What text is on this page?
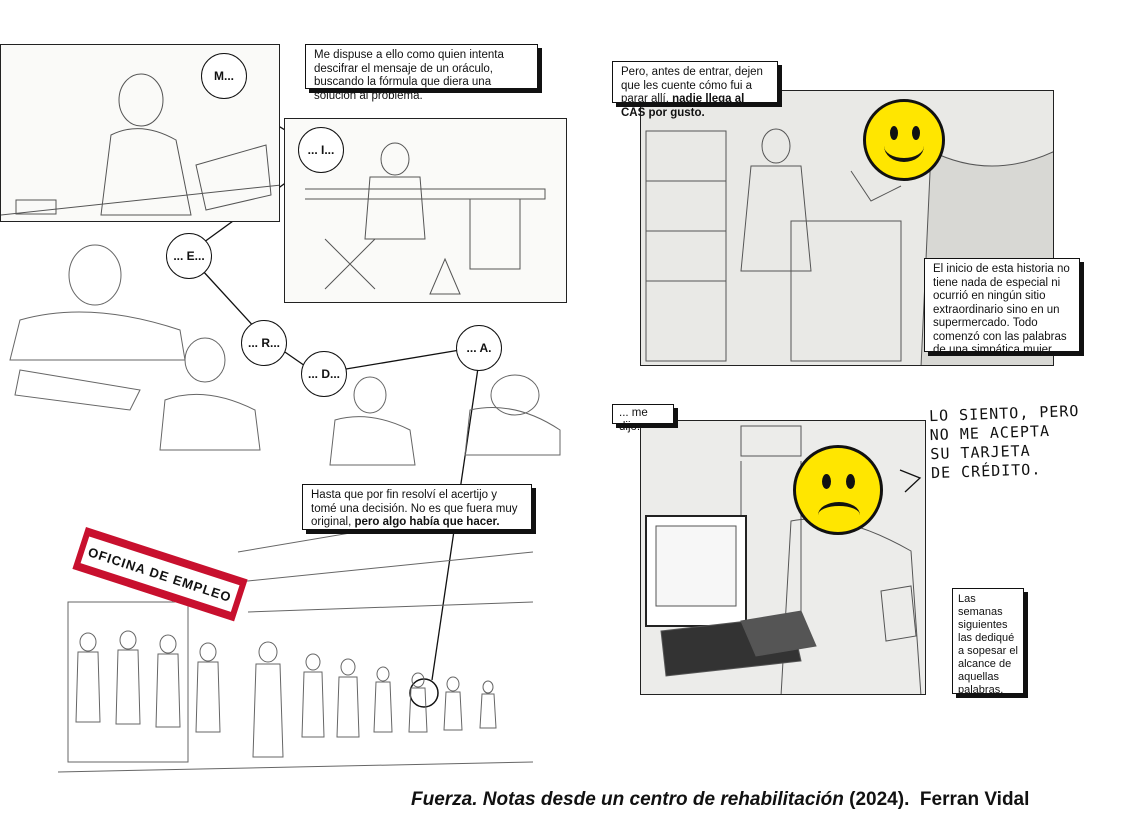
M...
... I...
... E...
... R...
... D...
... A.
Me dispuse a ello como quien intenta descifrar el mensaje de un oráculo, buscando la fórmula que diera una solución al problema.
OFICINA DE EMPLEO
Hasta que por fin resolví el acertijo y tomé una decisión. No es que fuera muy original, pero algo había que hacer.
Pero, antes de entrar, dejen que les cuente cómo fui a parar allí, nadie llega al CAS por gusto.
El inicio de esta historia no tiene nada de especial ni ocurrió en ningún sitio extraordinario sino en un supermercado. Todo comenzó con las palabras de una simpática mujer...
... me dijo:
LO SIENTO, PERO
NO ME ACEPTA
SU TARJETA
DE CRÉDITO.
Las semanas siguientes las dediqué a sopesar el alcance de aquellas palabras.
Fuerza. Notas desde un centro de rehabilitación (2024). Ferran Vidal
